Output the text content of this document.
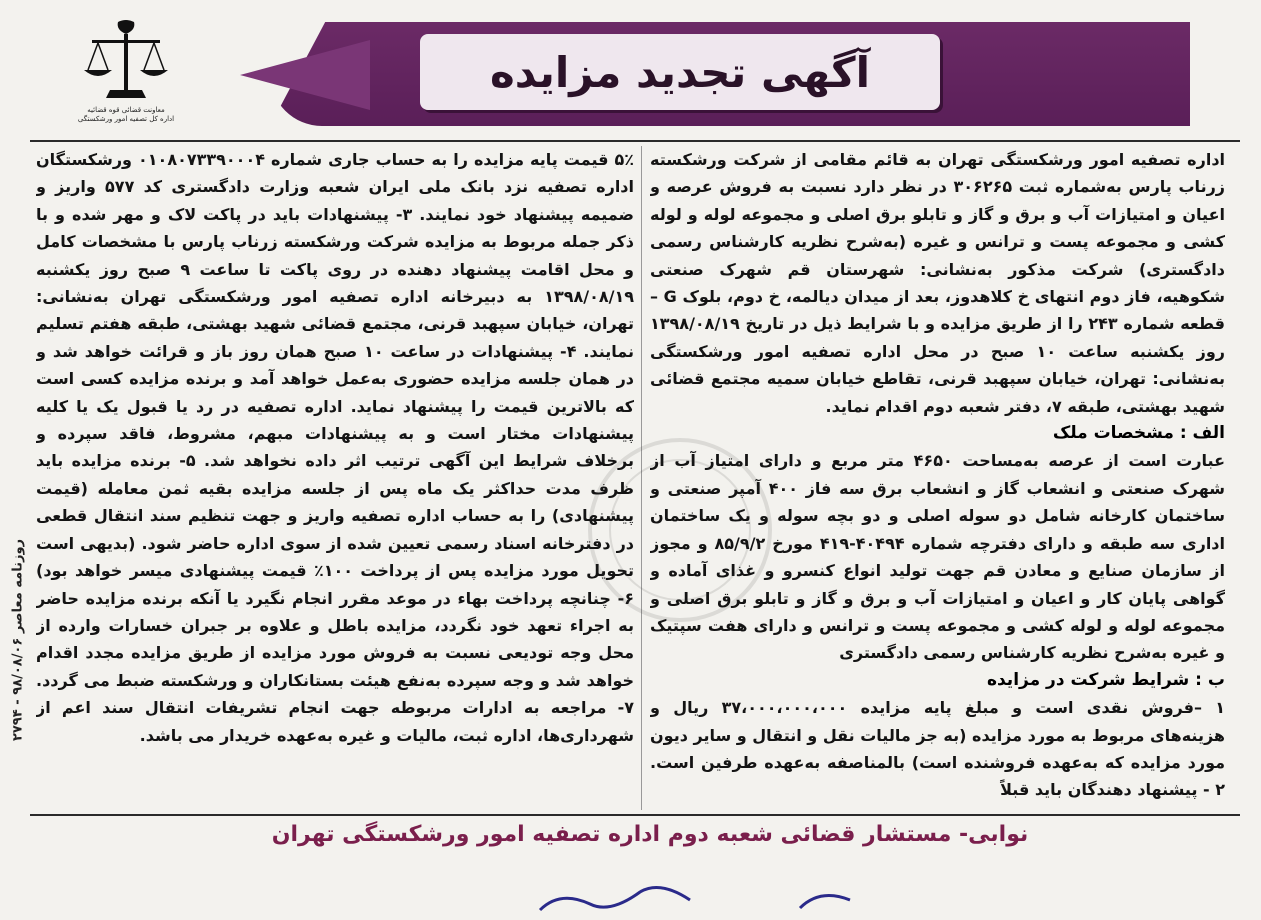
آگهی تجدید مزایده
معاونت قضائی قوه قضائیه
اداره کل تصفیه امور ورشکستگی

اداره تصفیه امور ورشکستگی تهران به قائم مقامی از شرکت ورشکسته زرناب پارس به‌شماره ثبت ۳۰۶۲۶۵ در نظر دارد نسبت به فروش عرصه و اعیان و امتیازات آب و برق و گاز و تابلو برق اصلی و مجموعه لوله و لوله کشی و مجموعه پست و ترانس و غیره (به‌شرح نظریه کارشناس رسمی دادگستری) شرکت مذکور به‌نشانی: شهرستان قم شهرک صنعتی شکوهیه، فاز دوم انتهای خ کلاهدوز، بعد از میدان دیالمه، خ دوم، بلوک G – قطعه شماره ۲۴۳ را از طریق مزایده و با شرایط ذیل در تاریخ ۱۳۹۸/۰۸/۱۹ روز یکشنبه ساعت ۱۰ صبح در محل اداره تصفیه امور ورشکستگی به‌نشانی: تهران، خیابان سپهبد قرنی، تقاطع خیابان سمیه مجتمع قضائی شهید بهشتی، طبقه ۷، دفتر شعبه دوم اقدام نماید.

الف : مشخصات ملک

عبارت است از عرصه به‌مساحت ۴۶۵۰ متر مربع و دارای امتیاز آب از شهرک صنعتی و انشعاب گاز و انشعاب برق سه فاز ۴۰۰ آمپر صنعتی و ساختمان کارخانه شامل دو سوله اصلی و دو بچه سوله و یک ساختمان اداری سه طبقه و دارای دفترچه شماره ۴۰۴۹۴-۴۱۹ مورخ ۸۵/۹/۲ و مجوز از سازمان صنایع و معادن قم جهت تولید انواع کنسرو و غذای آماده و گواهی پایان کار و اعیان و امتیازات آب و برق و گاز و تابلو برق اصلی و مجموعه لوله و لوله کشی و مجموعه پست و ترانس و دارای هفت سپتیک و غیره به‌شرح نظریه کارشناس رسمی دادگستری

ب : شرایط شرکت در مزایده

۱ –فروش نقدی است و مبلغ پایه مزایده ۳۷،۰۰۰،۰۰۰،۰۰۰ ریال و هزینه‌های مربوط به مورد مزایده (به جز مالیات نقل و انتقال و سایر دیون مورد مزایده که به‌عهده فروشنده است) بالمناصفه به‌عهده طرفین است. ۲ - پیشنهاد دهندگان باید قبلاً

۵٪ قیمت پایه مزایده را به حساب جاری شماره ۰۱۰۸۰۷۳۳۹۰۰۰۴ ورشکستگان اداره تصفیه نزد بانک ملی ایران شعبه وزارت دادگستری کد ۵۷۷ واریز و ضمیمه پیشنهاد خود نمایند. ۳- پیشنهادات باید در پاکت لاک و مهر شده و با ذکر جمله مربوط به مزایده شرکت ورشکسته زرناب پارس با مشخصات کامل و محل اقامت پیشنهاد دهنده در روی پاکت تا ساعت ۹ صبح روز یکشنبه ۱۳۹۸/۰۸/۱۹ به دبیرخانه اداره تصفیه امور ورشکستگی تهران به‌نشانی: تهران، خیابان سپهبد قرنی، مجتمع قضائی شهید بهشتی، طبقه هفتم تسلیم نمایند. ۴- پیشنهادات در ساعت ۱۰ صبح همان روز باز و قرائت خواهد شد و در همان جلسه مزایده حضوری به‌عمل خواهد آمد و برنده مزایده کسی است که بالاترین قیمت را پیشنهاد نماید. اداره تصفیه در رد یا قبول یک یا کلیه پیشنهادات مختار است و به پیشنهادات مبهم، مشروط، فاقد سپرده و برخلاف شرایط این آگهی ترتیب اثر داده نخواهد شد. ۵- برنده مزایده باید ظرف مدت حداکثر یک ماه پس از جلسه مزایده بقیه ثمن معامله (قیمت پیشنهادی) را به حساب اداره تصفیه واریز و جهت تنظیم سند انتقال قطعی در دفترخانه اسناد رسمی تعیین شده از سوی اداره حاضر شود. (بدیهی است تحویل مورد مزایده پس از پرداخت ۱۰۰٪ قیمت پیشنهادی میسر خواهد بود) ۶- چنانچه پرداخت بهاء در موعد مقرر انجام نگیرد یا آنکه برنده مزایده حاضر به اجراء تعهد خود نگردد، مزایده باطل و علاوه بر جبران خسارات وارده از محل وجه تودیعی نسبت به فروش مورد مزایده از طریق مزایده مجدد اقدام خواهد شد و وجه سپرده به‌نفع هیئت بستانکاران و ورشکسته ضبط می گردد. ۷- مراجعه به ادارات مربوطه جهت انجام تشریفات انتقال سند اعم از شهرداری‌ها، اداره ثبت، مالیات و غیره به‌عهده خریدار می باشد.

روزنامه معاصر ۹۸/۰۸/۰۶ - ۲۷۹۴
نوابی- مستشار قضائی شعبه دوم اداره تصفیه امور ورشکستگی تهران
